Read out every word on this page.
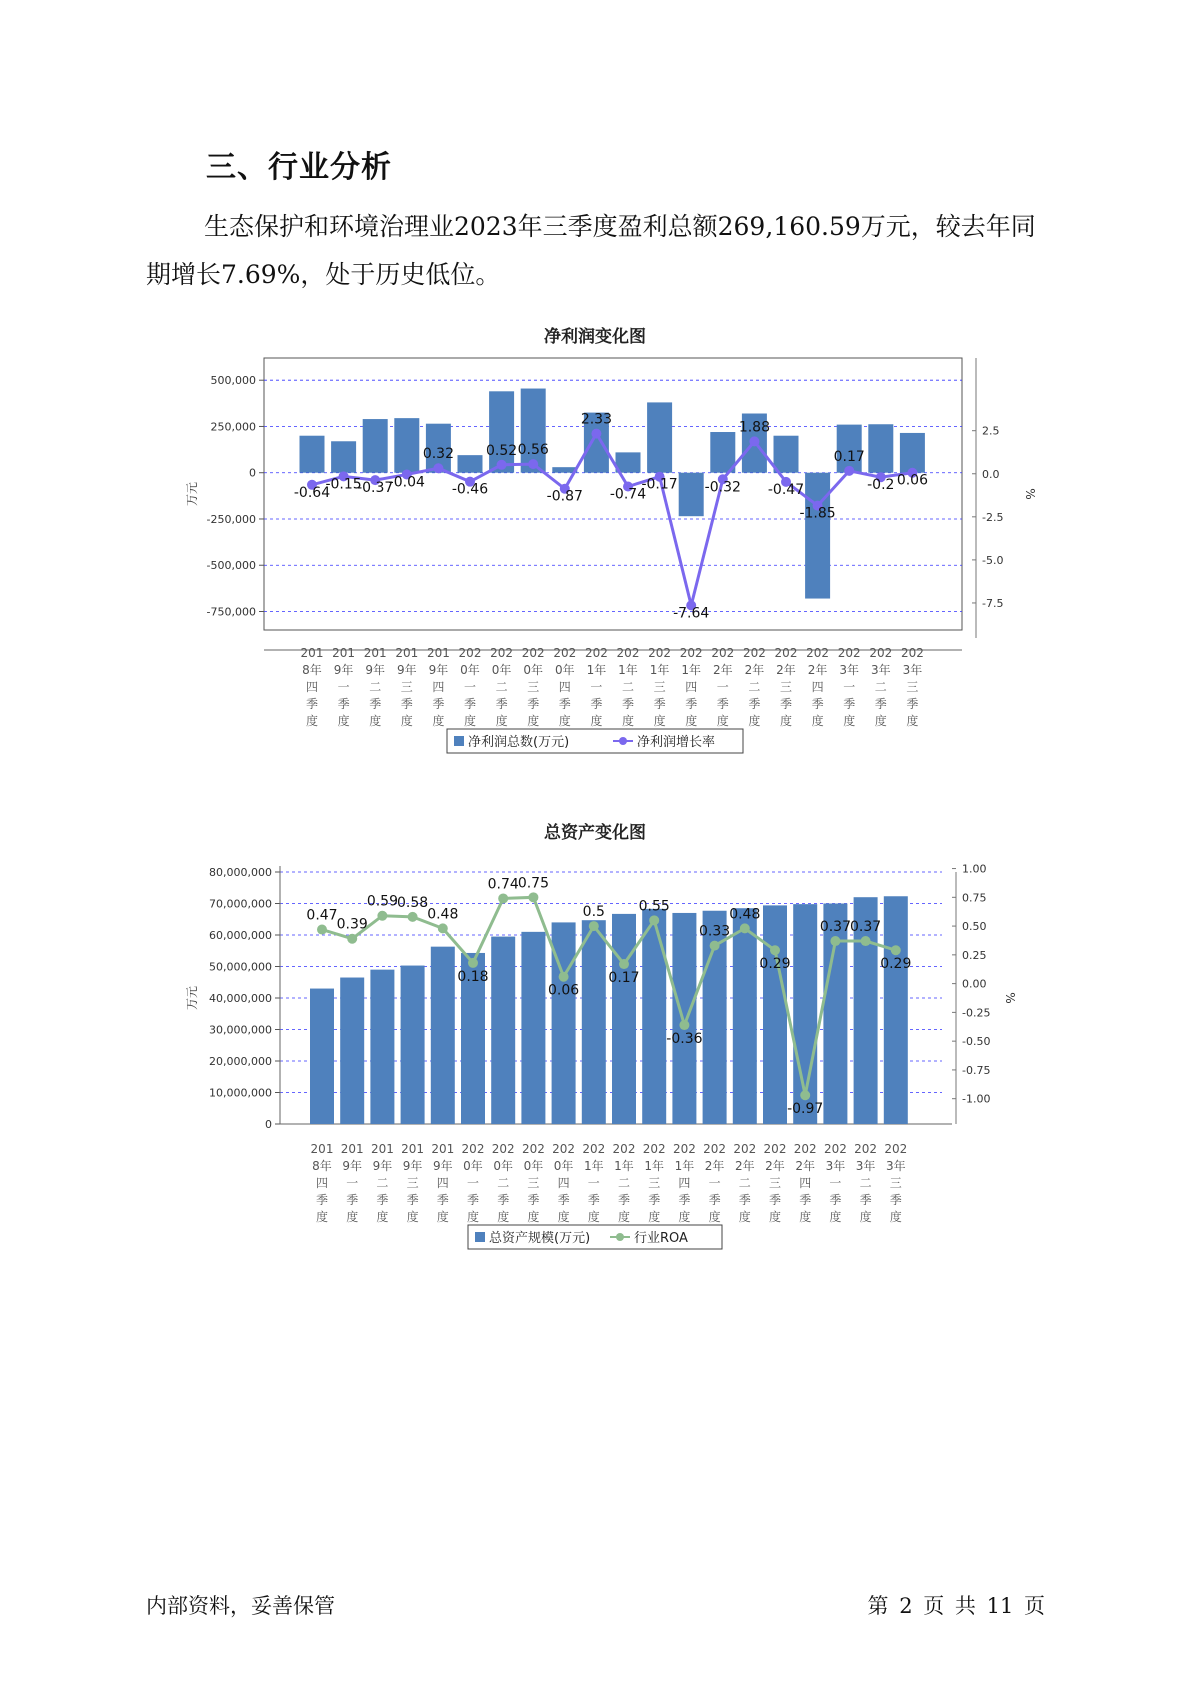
三、行业分析
生态保护和环境治理业2023年三季度盈利总额269,160.59万元，较去年同期增长7.69%，处于历史低位。
净利润变化图
500,000
250,000
0
-250,000
-500,000
-750,000
万元
2.5
0.0
-2.5
-5.0
-7.5
%
-0.64
-0.15
-0.37
-0.04
0.32
-0.46
0.52 0.56
-0.87
2.33
-0.74
-0.17
-7.64
-0.32
1.88
-0.47
-1.85
0.17
-0.2 0.06
201
8年
四
季
度
201
9年
一
季
度
201
9年
二
季
度
201
9年
三
季
度
201
9年
四
季
度
202
0年
一
季
度
202
0年
二
季
度
202
0年
三
季
度
202
0年
四
季
度
202
1年
一
季
度
202
1年
二
季
度
202
1年
三
季
度
202
1年
四
季
度
202
2年
一
季
度
202
2年
二
季
度
202
2年
三
季
度
202
2年
四
季
度
202
3年
一
季
度
202
3年
二
季
度
202
3年
三
季
度
净利润总数(万元)	净利润增长率
总资产变化图
80,000,000
70,000,000
60,000,000
50,000,000
40,000,000
30,000,000
20,000,000
10,000,000
0
万元
1.00
0.75
0.50
0.25
0.00
-0.25
-0.50
-0.75
-1.00
%
0.47
0.39
0.59 0.58
0.48
0.18
0.74 0.75
0.06
0.5
0.17
0.55
-0.36
0.33
0.48
0.29
-0.97
0.37 0.37
0.29
201
8年
四
季
度
201
9年
一
季
度
201
9年
二
季
度
201
9年
三
季
度
201
9年
四
季
度
202
0年
一
季
度
202
0年
二
季
度
202
0年
三
季
度
202
0年
四
季
度
202
1年
一
季
度
202
1年
二
季
度
202
1年
三
季
度
202
1年
四
季
度
202
2年
一
季
度
202
2年
二
季
度
202
2年
三
季
度
202
2年
四
季
度
202
3年
一
季
度
202
3年
二
季
度
202
3年
三
季
度
总资产规模(万元)	行业ROA
内部资料，妥善保管	第 2 页 共 11 页
